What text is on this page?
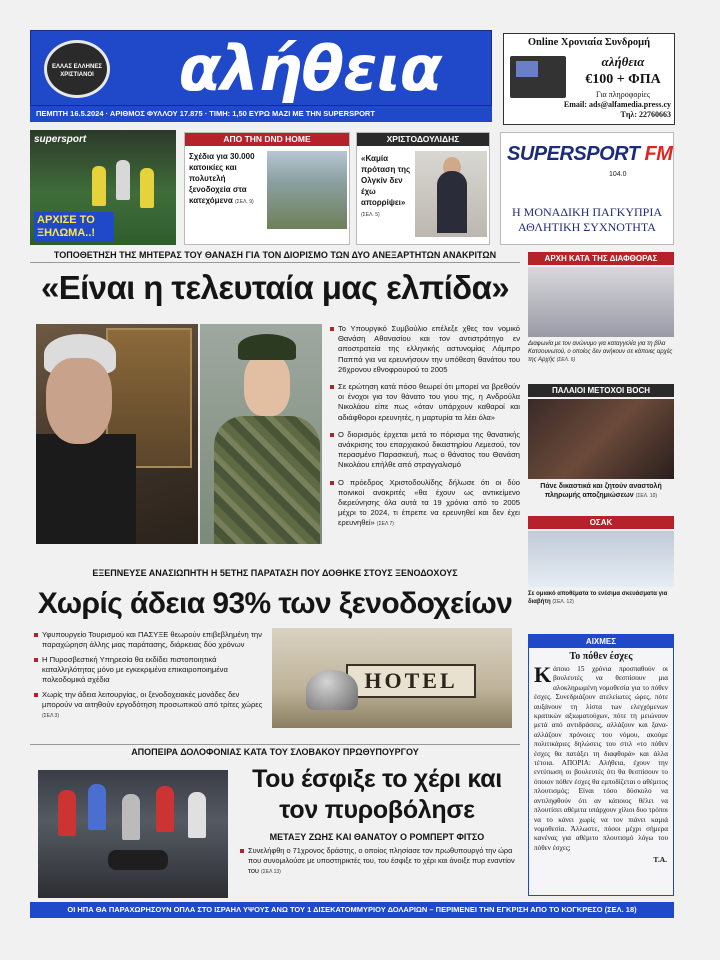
ΕΛΛΑΣ ΕΛΛΗΝΕΣ ΧΡΙΣΤΙΑΝΟΙ	αλήθεια
ΠΕΜΠΤΗ 16.5.2024 · ΑΡΙΘΜΟΣ ΦΥΛΛΟΥ 17.875 · ΤΙΜΗ: 1,50 ΕΥΡΩ ΜΑΖΙ ΜΕ ΤΗΝ SUPERSPORT
Online Χρονιαία Συνδρομή
αλήθεια
€100 + ΦΠΑ
Για πληροφορίες
Email: ads@alfamedia.press.cy
Tηλ: 22760663
supersport
ΑΡΧΙΣΕ ΤΟ ΞΗΛΩΜΑ..!
ΑΠΟ ΤΗΝ DND HOME
Σχέδια για 30.000 κατοικίες και πολυτελή ξενοδοχεία στα κατεχόμενα (ΣΕΛ. 9)
ΧΡΙΣΤΟΔΟΥΛΙΔΗΣ
«Καμία πρόταση της Ολγκίν δεν έχω απορρίψει» (ΣΕΛ. 5)
SUPERSPORT FM
104.0
Η ΜΟΝΑΔΙΚΗ ΠΑΓΚΥΠΡΙΑ ΑΘΛΗΤΙΚΗ ΣΥΧΝΟΤΗΤΑ
ΤΟΠΟΘΕΤΗΣΗ ΤΗΣ ΜΗΤΕΡΑΣ ΤΟΥ ΘΑΝΑΣΗ ΓΙΑ ΤΟΝ ΔΙΟΡΙΣΜΟ ΤΩΝ ΔΥΟ ΑΝΕΞΑΡΤΗΤΩΝ ΑΝΑΚΡΙΤΩΝ
«Είναι η τελευταία μας ελπίδα»

Το Υπουργικό Συμβούλιο επέλεξε χθες τον νομικό Θανάση Αθανασίου και τον αντιστράτηγο εν αποστρατεία της ελληνικής αστυνομίας Λάμπρο Παππά για να ερευνήσουν την υπόθεση θανάτου του 26χρονου εθνοφρουρού το 2005

Σε ερώτηση κατά πόσο θεωρεί ότι μπορεί να βρεθούν οι ένοχοι για τον θάνατο του γιου της, η Ανδρούλα Νικολάου είπε πως «όταν υπάρχουν καθαροί και αδιάφθοροι ερευνητές, η μαρτυρία τα λέει όλα»

Ο διορισμός έρχεται μετά το πόρισμα της θανατικής ανάκρισης του επαρχιακού δικαστηρίου Λεμεσού, τον περασμένο Παρασκευή, πως ο θάνατος του Θανάση Νικολάου επήλθε από στραγγαλισμό

Ο πρόεδρος Χριστοδουλίδης δήλωσε ότι οι δύο ποινικοί ανακριτές «θα έχουν ως αντικείμενο διερεύνησης όλα αυτά τα 19 χρόνια από το 2005 μέχρι το 2024, τι έπρεπε να ερευνηθεί και δεν έχει ερευνηθεί» (ΣΕΛ 7)

ΑΡΧΗ ΚΑΤΑ ΤΗΣ ΔΙΑΦΘΟΡΑΣ
Διαφωνία με τον ανώνυμο για καταγγελία για τη βίλα Κατσουνωτού, ο οποίος δεν ανήκουν σε κάποιες αρχές της Αρχής (ΣΕΛ. 6)
ΠΑΛΑΙΟΙ ΜΕΤΟΧΟΙ BOCH
Πάνε δικαστικά και ζητούν αναστολή πληρωμής αποζημιώσεων (ΣΕΛ. 10)
ΟΣΑΚ
Σε ομιακό αποθέματα το ενέσιμα σκευάσματα για διαβήτη (ΣΕΛ. 12)
ΑΙΧΜΕΣ
Το πόθεν έσχες
Κάποιο 15 χρόνια προσπαθούν οι βουλευτές να θεσπίσουν μια αλοκληρωμένη νομοθεσία για το πόθεν έσχες. Συνεδριάζουν ατελείωτες ώρες, πότε αυξάνουν τη λίστα των ελεγχόμενων κρατικών αξιωματούχων, πότε τη μειώνουν μετά από αντιδράσεις, αλλάζουν και ξανα-αλλάζουν πρόνοιες του νόμου, ακούμε πολιτικάριες δηλώσεις του στιλ «το πόθεν έσχες θα πατάξει τη διαφθορά» και άλλα τέτοια. ΑΠΟΡΙΑ: Αλήθεια, έχουν την εντύπωση οι βουλευτές ότι θα θεσπίσουν το όποιον πόθεν έσχες θα εμποδίζεται ο αθέμιτος πλουτισμός; Είναι τόσο δύσκολο να αντιληφθούν ότι αν κάποιος θέλει να πλουτίσει αθέμιτα υπάρχουν χίλιοι δυο τρόποι να το κάνει χωρίς να τον πιάνει καμιά νομοθεσία. Άλλωστε, πόσοι μέχρι σήμερα κανένας για αθέμιτο πλουτισμό λόγω του πόθεν έσχες;
Τ.Α.
ΕΞΕΠΝΕΥΣΕ ΑΝΑΣΙΩΠΗΤΗ Η 5ΕΤΗΣ ΠΑΡΑΤΑΣΗ ΠΟΥ ΔΟΘΗΚΕ ΣΤΟΥΣ ΞΕΝΟΔΟΧΟΥΣ
Χωρίς άδεια 93% των ξενοδοχείων

Υφυπουργείο Τουρισμού και ΠΑΣΥΞΕ θεωρούν επιβεβλημένη την παραχώρηση άλλης μιας παράτασης, διάρκειας δύο χρόνων

Η Πυροσβεστική Υπηρεσία θα εκδίδει πιστοποιητικά καταλληλότητας μόνο με εγκεκριμένα επικαιροποιημένα πολεοδομικά σχέδια

Χωρίς την άδεια λειτουργίας, οι ξενοδοχειακές μονάδες δεν μπορούν να αιτηθούν εργοδότηση προσωπικού από τρίτες χώρες (ΣΕΛ 3)

HOTEL
ΑΠΟΠΕΙΡΑ ΔΟΛΟΦΟΝΙΑΣ ΚΑΤΑ ΤΟΥ ΣΛΟΒΑΚΟΥ ΠΡΩΘΥΠΟΥΡΓΟΥ
Του έσφιξε το χέρι και τον πυροβόλησε
ΜΕΤΑΞΥ ΖΩΗΣ ΚΑΙ ΘΑΝΑΤΟΥ Ο ΡΟΜΠΕΡΤ ΦΙΤΣΟ
Συνελήφθη ο 71χρονος δράστης, ο οποίος πλησίασε τον πρωθυπουργό την ώρα που συνομιλούσε με υποστηρικτές του, του έσφιξε το χέρι και άνοιξε πυρ εναντίον του (ΣΕΛ 13)
ΟΙ ΗΠΑ ΘΑ ΠΑΡΑΧΩΡΗΣΟΥΝ ΟΠΛΑ ΣΤΟ ΙΣΡΑΗΛ ΥΨΟΥΣ ΑΝΩ ΤΟΥ 1 ΔΙΣΕΚΑΤΟΜΜΥΡΙΟΥ ΔΟΛΑΡΙΩΝ – ΠΕΡΙΜΕΝΕΙ ΤΗΝ ΕΓΚΡΙΣΗ ΑΠΟ ΤΟ ΚΟΓΚΡΕΣΟ (ΣΕΛ. 18)
